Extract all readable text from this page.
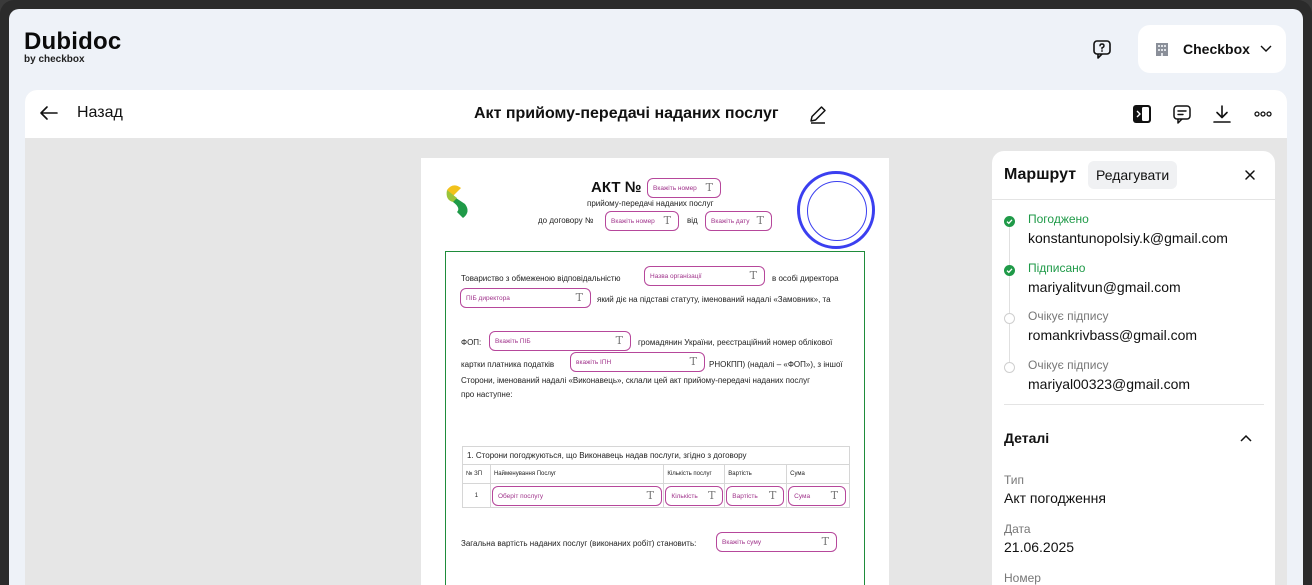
Dubidoc
by checkbox
Checkbox
Назад	Акт прийому-передачі наданих послуг
АКТ № Вкажіть номер T
прийому-передачі наданих послуг
до договору №	Вкажіть номер T від Вкажіть дату T
Товариство з обмеженою відповідальністю	Назва організації	T в особі директора
ПІБ директора	T який діє на підставі статуту, іменований надалі «Замовник», та
ФОП: Вкажіть ПІБ	T громадянин України, реєстраційний номер облікової
картки платника податків	вкажіть ІПН	T РНОКПП) (надалі – «ФОП»), з іншої
Сторони, іменований надалі «Виконавець», склали цей акт прийому-передачі наданих послуг
про наступне:
1. Сторони погоджуються, що Виконавець надав послуги, згідно з договору				
№ ЗП	Найменування Послуг	Кількість послуг	Вартість	Сума
1	Оберіт послугу T	Кількість T	Вартість T	Сума T
Загальна вартість наданих послуг (виконаних робіт) становить:	Вкажіть суму	T
Маршрут	Редагувати
Погоджено
konstantunopolsiy.k@gmail.com
Підписано
mariyalitvun@gmail.com
Очікує підпису
romankrivbass@gmail.com
Очікує підпису
mariyal00323@gmail.com
Деталі
Тип
Акт погодження
Дата
21.06.2025
Номер
